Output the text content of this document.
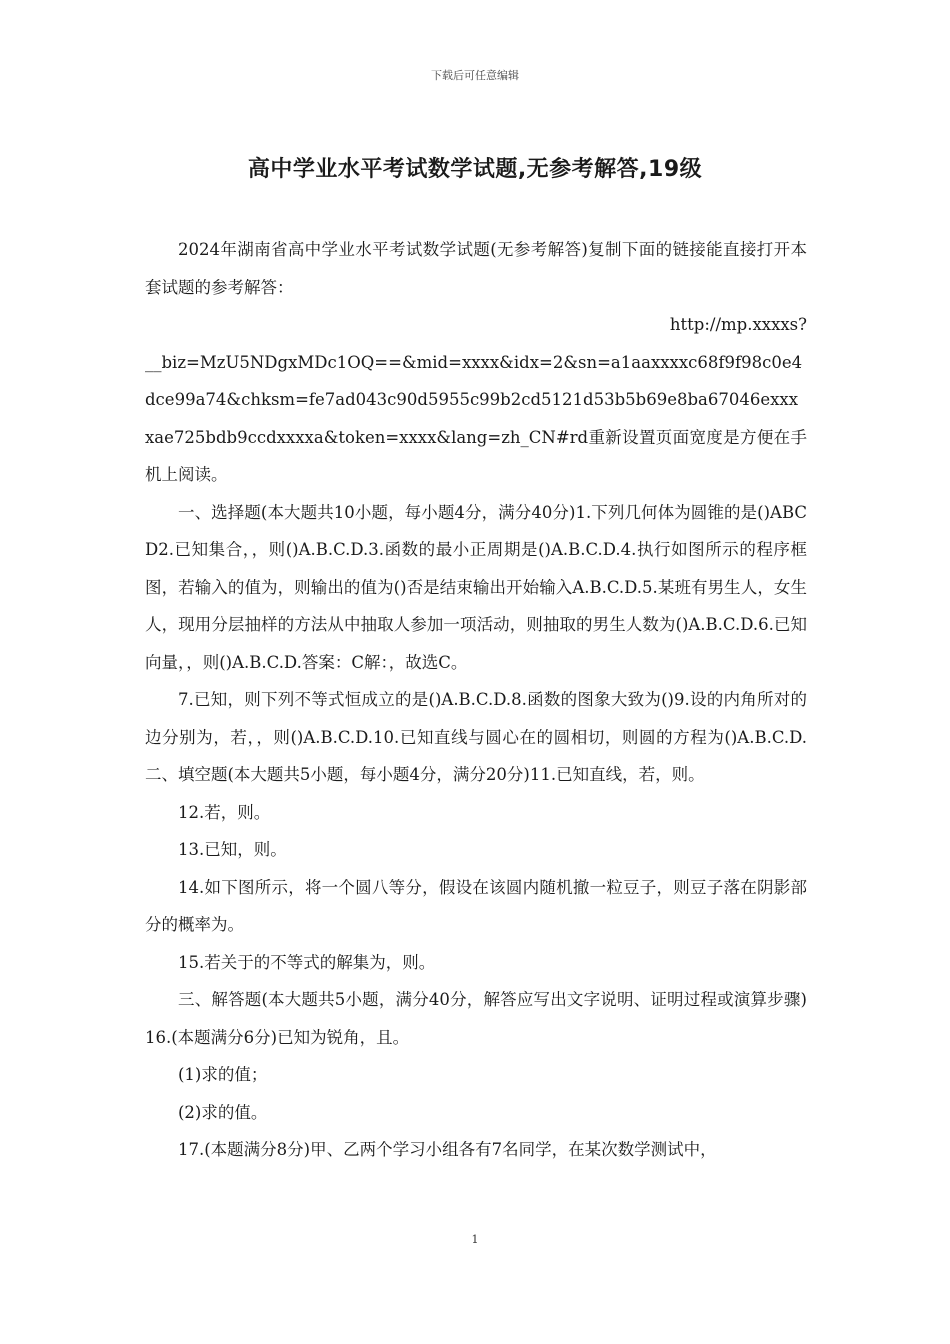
下载后可任意编辑
高中学业水平考试数学试题,无参考解答,19级

2024年湖南省高中学业水平考试数学试题(无参考解答)复制下面的链接能直接打开本套试题的参考解答：

http://mp.xxxxs?
__biz=MzU5NDgxMDc1OQ==&mid=xxxx&idx=2&sn=a1aaxxxxc68f9f98c0e4dce99a74&chksm=fe7ad043c90d5955c99b2cd5121d53b5b69e8ba67046exxxxae725bdb9ccdxxxxa&token=xxxx&lang=zh_CN#rd重新设置页面宽度是方便在手机上阅读。

一、选择题(本大题共10小题，每小题4分，满分40分)1.下列几何体为圆锥的是()ABCD2.已知集合，，则()A.B.C.D.3.函数的最小正周期是()A.B.C.D.4.执行如图所示的程序框图，若输入的值为，则输出的值为()否是结束输出开始输入A.B.C.D.5.某班有男生人，女生人，现用分层抽样的方法从中抽取人参加一项活动，则抽取的男生人数为()A.B.C.D.6.已知向量，，则()A.B.C.D.答案：C解：，故选C。

7.已知，则下列不等式恒成立的是()A.B.C.D.8.函数的图象大致为()9.设的内角所对的边分别为，若，，则()A.B.C.D.10.已知直线与圆心在的圆相切，则圆的方程为()A.B.C.D.二、填空题(本大题共5小题，每小题4分，满分20分)11.已知直线，若，则。

12.若，则。

13.已知，则。

14.如下图所示，将一个圆八等分，假设在该圆内随机撤一粒豆子，则豆子落在阴影部分的概率为。

15.若关于的不等式的解集为，则。

三、解答题(本大题共5小题，满分40分，解答应写出文字说明、证明过程或演算步骤)16.(本题满分6分)已知为锐角，且。

(1)求的值；

(2)求的值。

17.(本题满分8分)甲、乙两个学习小组各有7名同学，在某次数学测试中，

1
